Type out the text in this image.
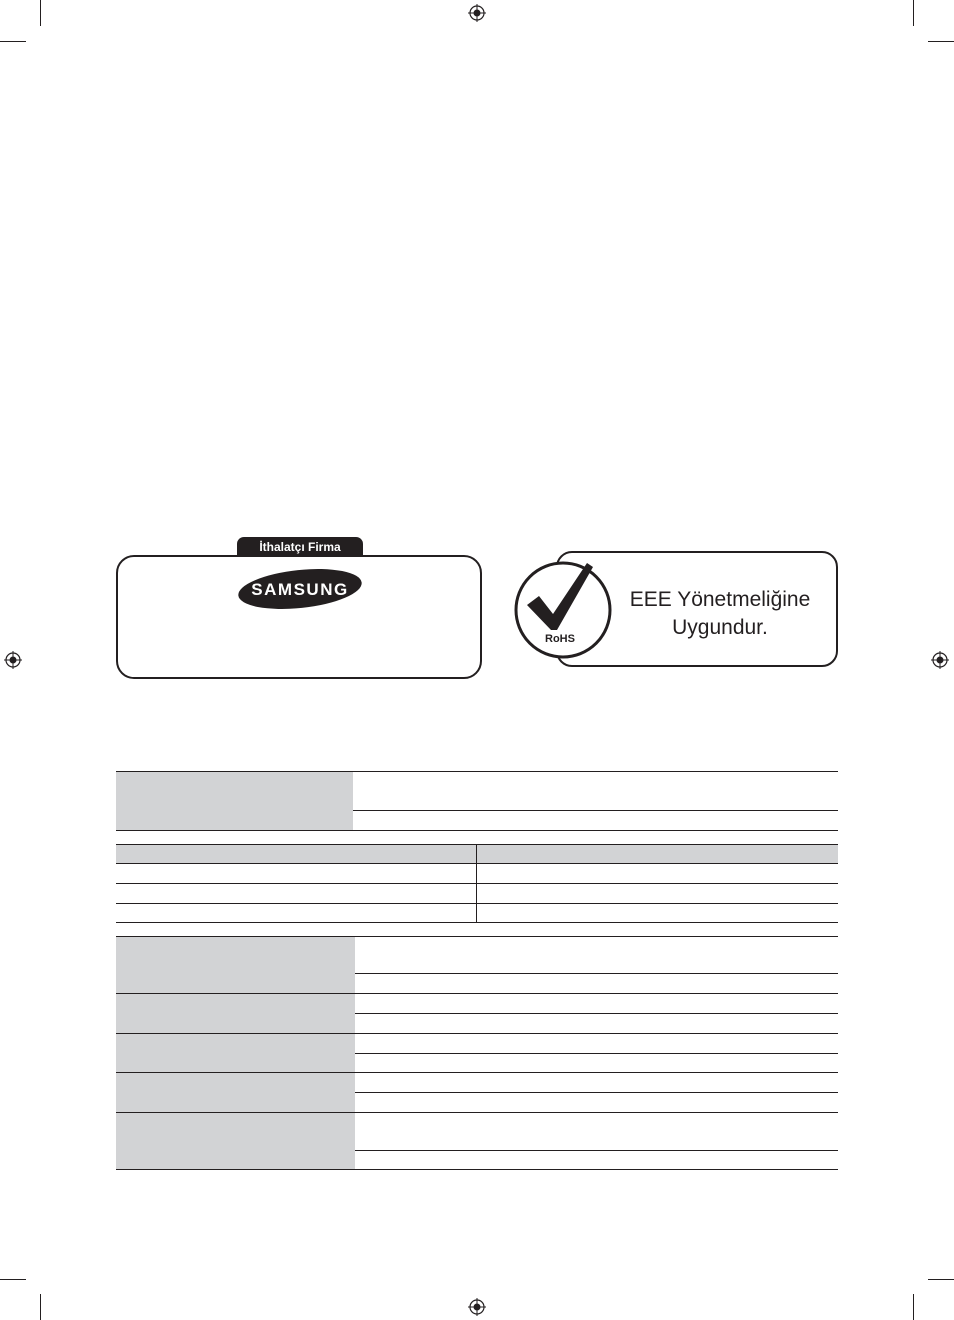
İthalatçı Firma
SAMSUNG
RoHS
EEE Yönetmeliğine
Uygundur.
